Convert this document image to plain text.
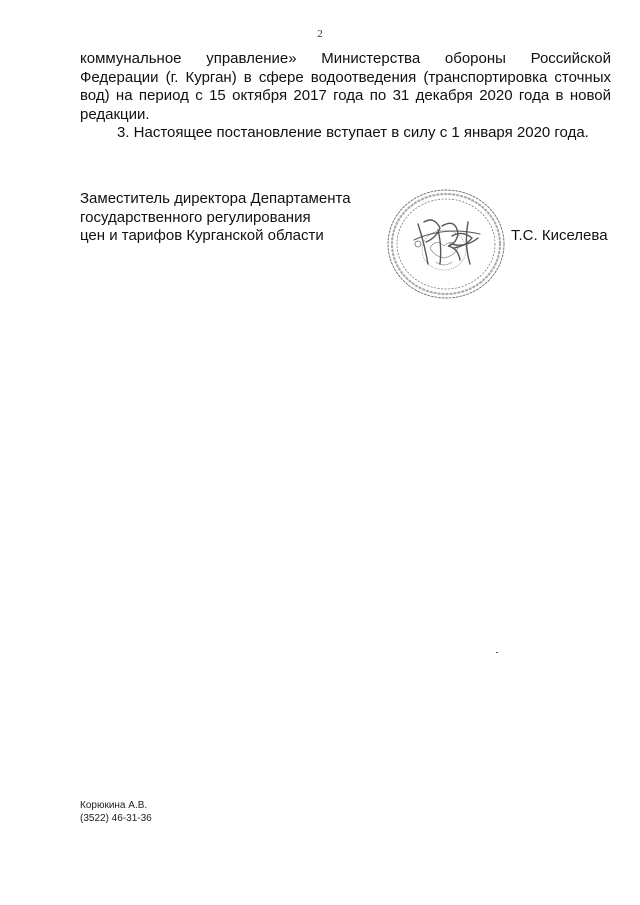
2

коммунальное управление» Министерства обороны Российской Федерации (г. Курган) в сфере водоотведения (транспортировка сточных вод) на период с 15 октября 2017 года по 31 декабря 2020 года в новой редакции.

3. Настоящее постановление вступает в силу с 1 января 2020 года.

Заместитель директора Департамента
государственного регулирования
цен и тарифов Курганской области	Т.С. Киселева
Корюкина А.В.
(3522) 46-31-36
